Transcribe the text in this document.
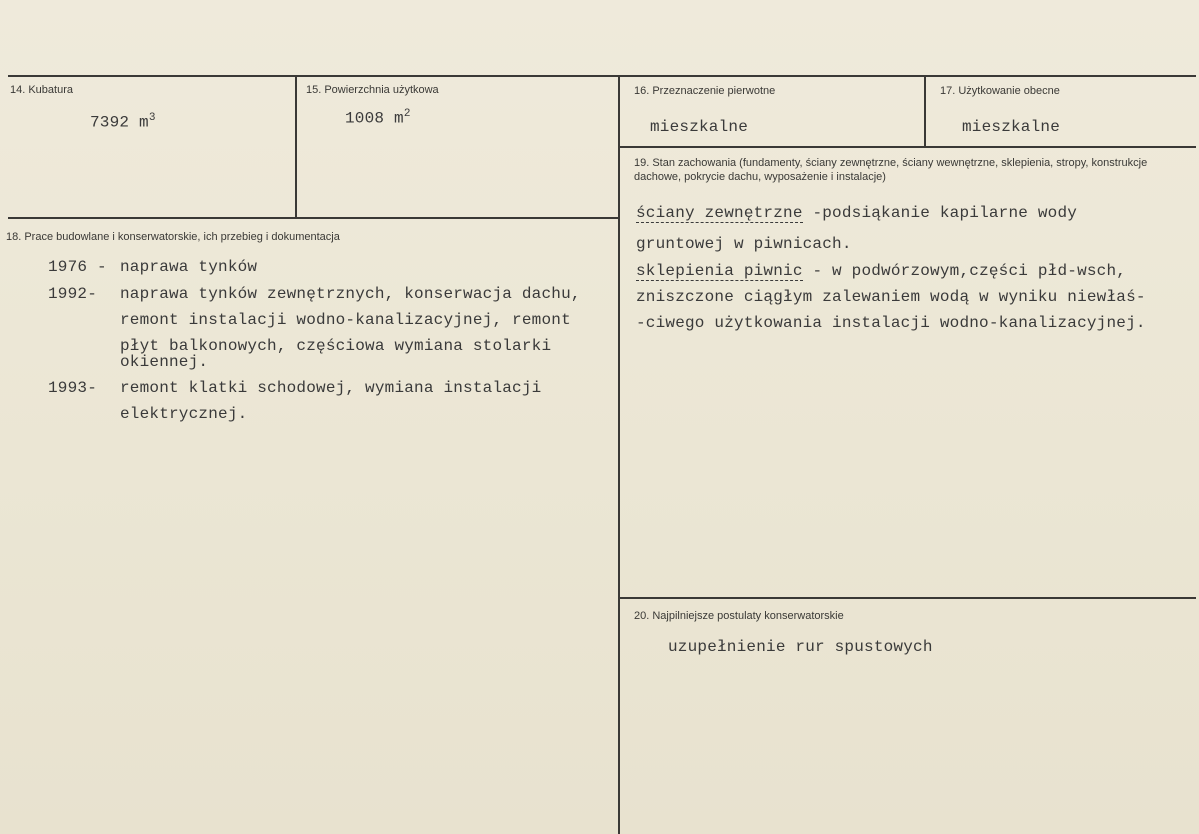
14. Kubatura
7392 $m^3$
15. Powierzchnia użytkowa
1008 $m^2$
16. Przeznaczenie pierwotne
mieszkalne
17. Użytkowanie obecne
mieszkalne
18. Prace budowlane i konserwatorskie, ich przebieg i dokumentacja
1976 - naprawa tynków
1992- naprawa tynków zewnętrznych, konserwacja dachu,
remont instalacji wodno-kanalizacyjnej, remont
płyt balkonowych, częściowa wymiana stolarki
okiennej.
1993- remont klatki schodowej, wymiana instalacji
elektrycznej.
19. Stan zachowania (fundamenty, ściany zewnętrzne, ściany wewnętrzne, sklepienia, stropy, konstrukcje dachowe, pokrycie dachu, wyposażenie i instalacje)
ściany zewnętrzne -podsiąkanie kapilarne wody
gruntowej w piwnicach.
sklepienia piwnic - w podwórzowym,części płd-wsch,
zniszczone ciągłym zalewaniem wodą w wyniku niewłaś-
-ciwego użytkowania instalacji wodno-kanalizacyjnej.
20. Najpilniejsze postulaty konserwatorskie
uzupełnienie rur spustowych
